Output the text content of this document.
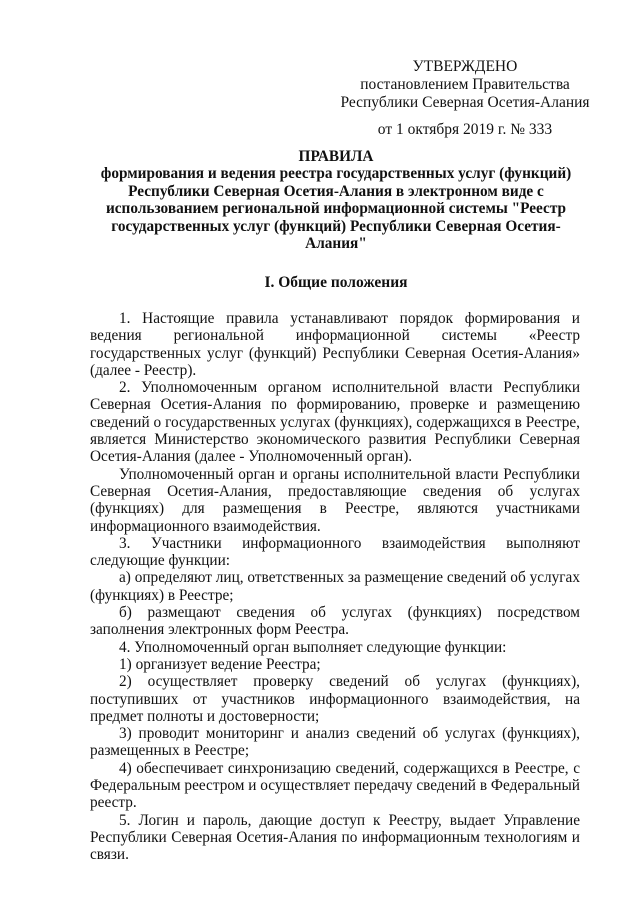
УТВЕРЖДЕНО
постановлением Правительства
Республики Северная Осетия-Алания
от 1 октября 2019 г. № 333
ПРАВИЛА
формирования и ведения реестра государственных услуг (функций)
Республики Северная Осетия-Алания в электронном виде с
использованием региональной информационной системы "Реестр
государственных услуг (функций) Республики Северная Осетия-
Алания"
I. Общие положения

1. Настоящие правила устанавливают порядок формирования и ведения региональной информационной системы «Реестр государственных услуг (функций) Республики Северная Осетия-Алания» (далее - Реестр).

2. Уполномоченным органом исполнительной власти Республики Северная Осетия-Алания по формированию, проверке и размещению сведений о государственных услугах (функциях), содержащихся в Реестре, является Министерство экономического развития Республики Северная Осетия-Алания (далее - Уполномоченный орган).

Уполномоченный орган и органы исполнительной власти Республики Северная Осетия-Алания, предоставляющие сведения об услугах (функциях) для размещения в Реестре, являются участниками информационного взаимодействия.

3. Участники информационного взаимодействия выполняют следующие функции:

а) определяют лиц, ответственных за размещение сведений об услугах (функциях) в Реестре;

б) размещают сведения об услугах (функциях) посредством заполнения электронных форм Реестра.

4. Уполномоченный орган выполняет следующие функции:

1) организует ведение Реестра;

2) осуществляет проверку сведений об услугах (функциях), поступивших от участников информационного взаимодействия, на предмет полноты и достоверности;

3) проводит мониторинг и анализ сведений об услугах (функциях), размещенных в Реестре;

4) обеспечивает синхронизацию сведений, содержащихся в Реестре, с Федеральным реестром и осуществляет передачу сведений в Федеральный реестр.

5. Логин и пароль, дающие доступ к Реестру, выдает Управление Республики Северная Осетия-Алания по информационным технологиям и связи.
